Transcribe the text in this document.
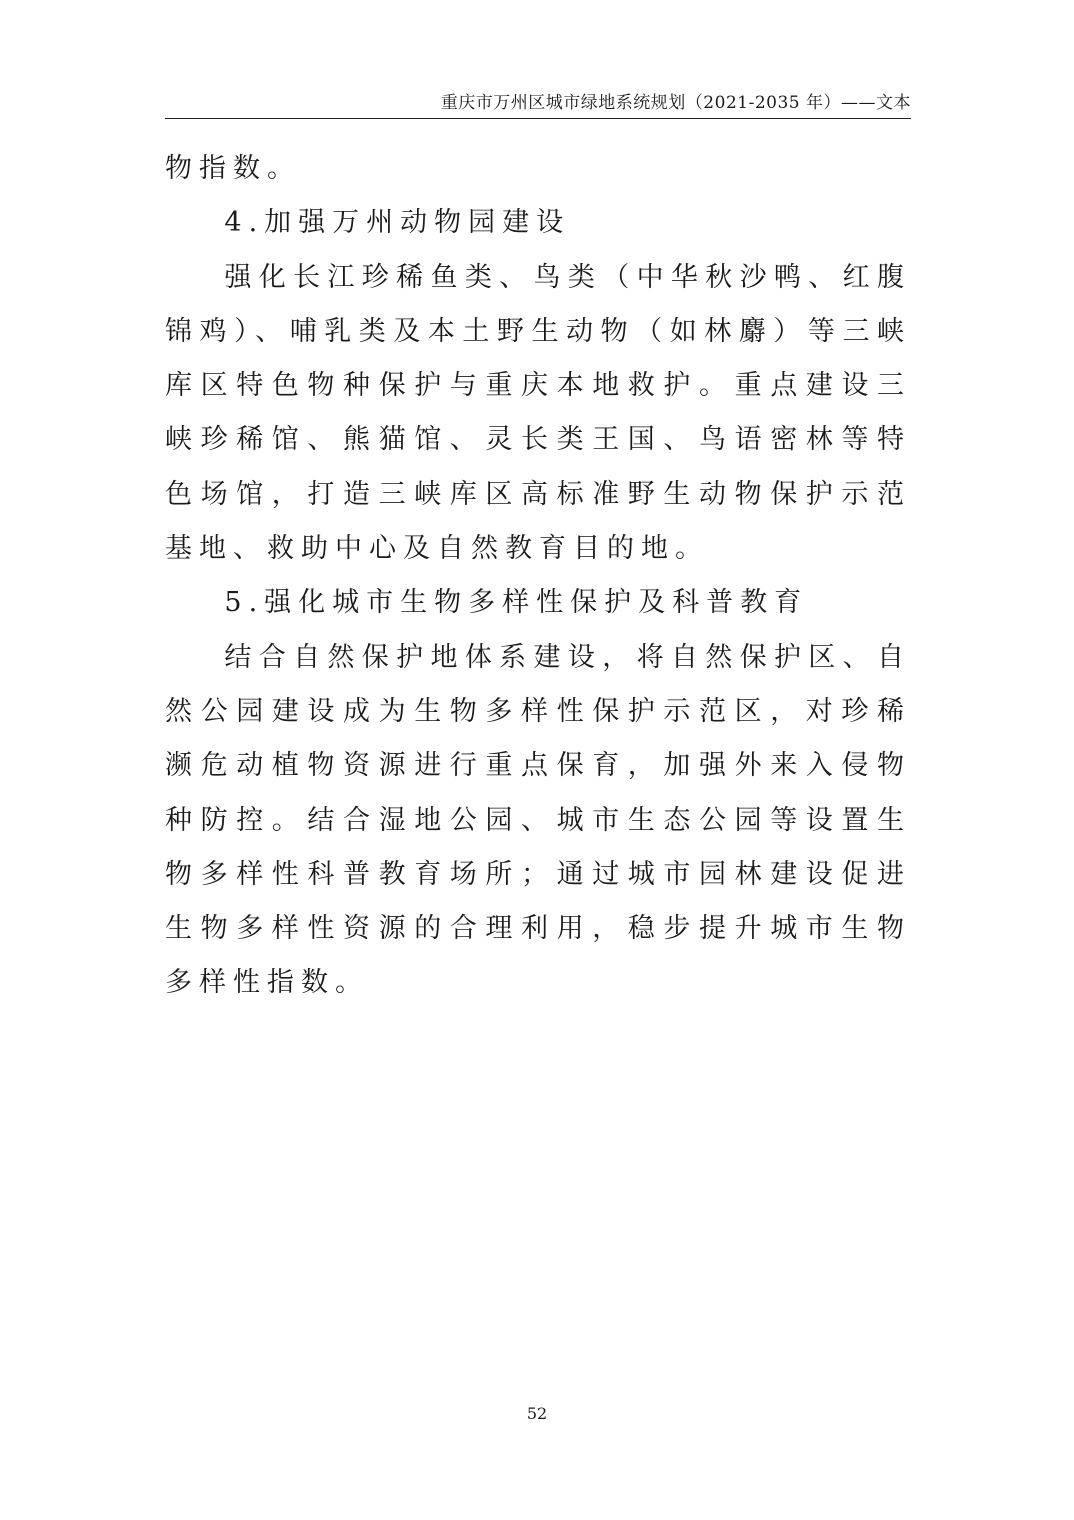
重庆市万州区城市绿地系统规划（2021-2035 年）——文本

物指数。

4.加强万州动物园建设

强化长江珍稀鱼类、鸟类（中华秋沙鸭、红腹锦鸡）、哺乳类及本土野生动物（如林麝）等三峡库区特色物种保护与重庆本地救护。重点建设三峡珍稀馆、熊猫馆、灵长类王国、鸟语密林等特色场馆，打造三峡库区高标准野生动物保护示范基地、救助中心及自然教育目的地。

5.强化城市生物多样性保护及科普教育

结合自然保护地体系建设，将自然保护区、自然公园建设成为生物多样性保护示范区，对珍稀濒危动植物资源进行重点保育，加强外来入侵物种防控。结合湿地公园、城市生态公园等设置生物多样性科普教育场所；通过城市园林建设促进生物多样性资源的合理利用，稳步提升城市生物多样性指数。

52
